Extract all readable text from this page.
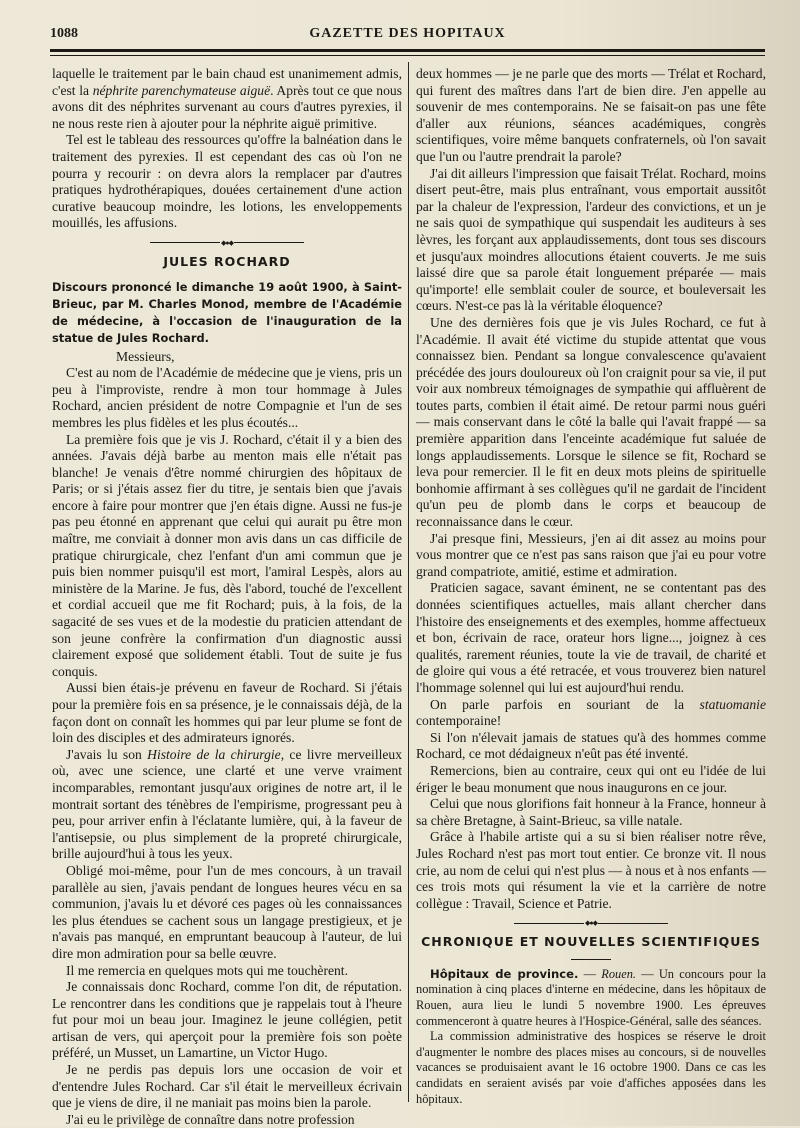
1088	GAZETTE DES HOPITAUX

laquelle le traitement par le bain chaud est unanimement admis, c'est la néphrite parenchymateuse aiguë. Après tout ce que nous avons dit des néphrites survenant au cours d'autres pyrexies, il ne nous reste rien à ajouter pour la néphrite aiguë primitive.

Tel est le tableau des ressources qu'offre la balnéation dans le traitement des pyrexies. Il est cependant des cas où l'on ne pourra y recourir : on devra alors la remplacer par d'autres pratiques hydrothérapiques, douées certainement d'une action curative beaucoup moindre, les lotions, les enveloppements mouillés, les affusions.

◆●◆
JULES ROCHARD

Discours prononcé le dimanche 19 août 1900, à Saint-Brieuc, par M. Charles Monod, membre de l'Académie de médecine, à l'occasion de l'inauguration de la statue de Jules Rochard.

Messieurs,

C'est au nom de l'Académie de médecine que je viens, pris un peu à l'improviste, rendre à mon tour hommage à Jules Rochard, ancien président de notre Compagnie et l'un de ses membres les plus fidèles et les plus écoutés...

La première fois que je vis J. Rochard, c'était il y a bien des années. J'avais déjà barbe au menton mais elle n'était pas blanche! Je venais d'être nommé chirurgien des hôpitaux de Paris; or si j'étais assez fier du titre, je sentais bien que j'avais encore à faire pour montrer que j'en étais digne. Aussi ne fus-je pas peu étonné en apprenant que celui qui aurait pu être mon maître, me conviait à donner mon avis dans un cas difficile de pratique chirurgicale, chez l'enfant d'un ami commun que je puis bien nommer puisqu'il est mort, l'amiral Lespès, alors au ministère de la Marine. Je fus, dès l'abord, touché de l'excellent et cordial accueil que me fit Rochard; puis, à la fois, de la sagacité de ses vues et de la modestie du praticien attendant de son jeune confrère la confirmation d'un diagnostic aussi clairement exposé que solidement établi. Tout de suite je fus conquis.

Aussi bien étais-je prévenu en faveur de Rochard. Si j'étais pour la première fois en sa présence, je le connaissais déjà, de la façon dont on connaît les hommes qui par leur plume se font de loin des disciples et des admirateurs ignorés.

J'avais lu son Histoire de la chirurgie, ce livre merveilleux où, avec une science, une clarté et une verve vraiment incomparables, remontant jusqu'aux origines de notre art, il le montrait sortant des ténèbres de l'empirisme, progressant peu à peu, pour arriver enfin à l'éclatante lumière, qui, à la faveur de l'antisepsie, ou plus simplement de la propreté chirurgicale, brille aujourd'hui à tous les yeux.

Obligé moi-même, pour l'un de mes concours, à un travail parallèle au sien, j'avais pendant de longues heures vécu en sa communion, j'avais lu et dévoré ces pages où les connaissances les plus étendues se cachent sous un langage prestigieux, et je n'avais pas manqué, en empruntant beaucoup à l'auteur, de lui dire mon admiration pour sa belle œuvre.

Il me remercia en quelques mots qui me touchèrent.

Je connaissais donc Rochard, comme l'on dit, de réputation. Le rencontrer dans les conditions que je rappelais tout à l'heure fut pour moi un beau jour. Imaginez le jeune collégien, petit artisan de vers, qui aperçoit pour la première fois son poète préféré, un Musset, un Lamartine, un Victor Hugo.

Je ne perdis pas depuis lors une occasion de voir et d'entendre Jules Rochard. Car s'il était le merveilleux écrivain que je viens de dire, il ne maniait pas moins bien la parole.

J'ai eu le privilège de connaître dans notre profession

deux hommes — je ne parle que des morts — Trélat et Rochard, qui furent des maîtres dans l'art de bien dire. J'en appelle au souvenir de mes contemporains. Ne se faisait-on pas une fête d'aller aux réunions, séances académiques, congrès scientifiques, voire même banquets confraternels, où l'on savait que l'un ou l'autre prendrait la parole?

J'ai dit ailleurs l'impression que faisait Trélat. Rochard, moins disert peut-être, mais plus entraînant, vous emportait aussitôt par la chaleur de l'expression, l'ardeur des convictions, et un je ne sais quoi de sympathique qui suspendait les auditeurs à ses lèvres, les forçant aux applaudissements, dont tous ses discours et jusqu'aux moindres allocutions étaient couverts. Je me suis laissé dire que sa parole était longuement préparée — mais qu'importe! elle semblait couler de source, et bouleversait les cœurs. N'est-ce pas là la véritable éloquence?

Une des dernières fois que je vis Jules Rochard, ce fut à l'Académie. Il avait été victime du stupide attentat que vous connaissez bien. Pendant sa longue convalescence qu'avaient précédée des jours douloureux où l'on craignit pour sa vie, il put voir aux nombreux témoignages de sympathie qui affluèrent de toutes parts, combien il était aimé. De retour parmi nous guéri — mais conservant dans le côté la balle qui l'avait frappé — sa première apparition dans l'enceinte académique fut saluée de longs applaudissements. Lorsque le silence se fit, Rochard se leva pour remercier. Il le fit en deux mots pleins de spirituelle bonhomie affirmant à ses collègues qu'il ne gardait de l'incident qu'un peu de plomb dans le corps et beaucoup de reconnaissance dans le cœur.

J'ai presque fini, Messieurs, j'en ai dit assez au moins pour vous montrer que ce n'est pas sans raison que j'ai eu pour votre grand compatriote, amitié, estime et admiration.

Praticien sagace, savant éminent, ne se contentant pas des données scientifiques actuelles, mais allant chercher dans l'histoire des enseignements et des exemples, homme affectueux et bon, écrivain de race, orateur hors ligne..., joignez à ces qualités, rarement réunies, toute la vie de travail, de charité et de gloire qui vous a été retracée, et vous trouverez bien naturel l'hommage solennel qui lui est aujourd'hui rendu.

On parle parfois en souriant de la statuomanie contemporaine!

Si l'on n'élevait jamais de statues qu'à des hommes comme Rochard, ce mot dédaigneux n'eût pas été inventé.

Remercions, bien au contraire, ceux qui ont eu l'idée de lui ériger le beau monument que nous inaugurons en ce jour.

Celui que nous glorifions fait honneur à la France, honneur à sa chère Bretagne, à Saint-Brieuc, sa ville natale.

Grâce à l'habile artiste qui a su si bien réaliser notre rêve, Jules Rochard n'est pas mort tout entier. Ce bronze vit. Il nous crie, au nom de celui qui n'est plus — à nous et à nos enfants — ces trois mots qui résument la vie et la carrière de notre collègue : Travail, Science et Patrie.

◆●◆
CHRONIQUE ET NOUVELLES SCIENTIFIQUES

Hôpitaux de province. — Rouen. — Un concours pour la nomination à cinq places d'interne en médecine, dans les hôpitaux de Rouen, aura lieu le lundi 5 novembre 1900. Les épreuves commenceront à quatre heures à l'Hospice-Général, salle des séances.

La commission administrative des hospices se réserve le droit d'augmenter le nombre des places mises au concours, si de nouvelles vacances se produisaient avant le 16 octobre 1900. Dans ce cas les candidats en seraient avisés par voie d'affiches apposées dans les hôpitaux.
